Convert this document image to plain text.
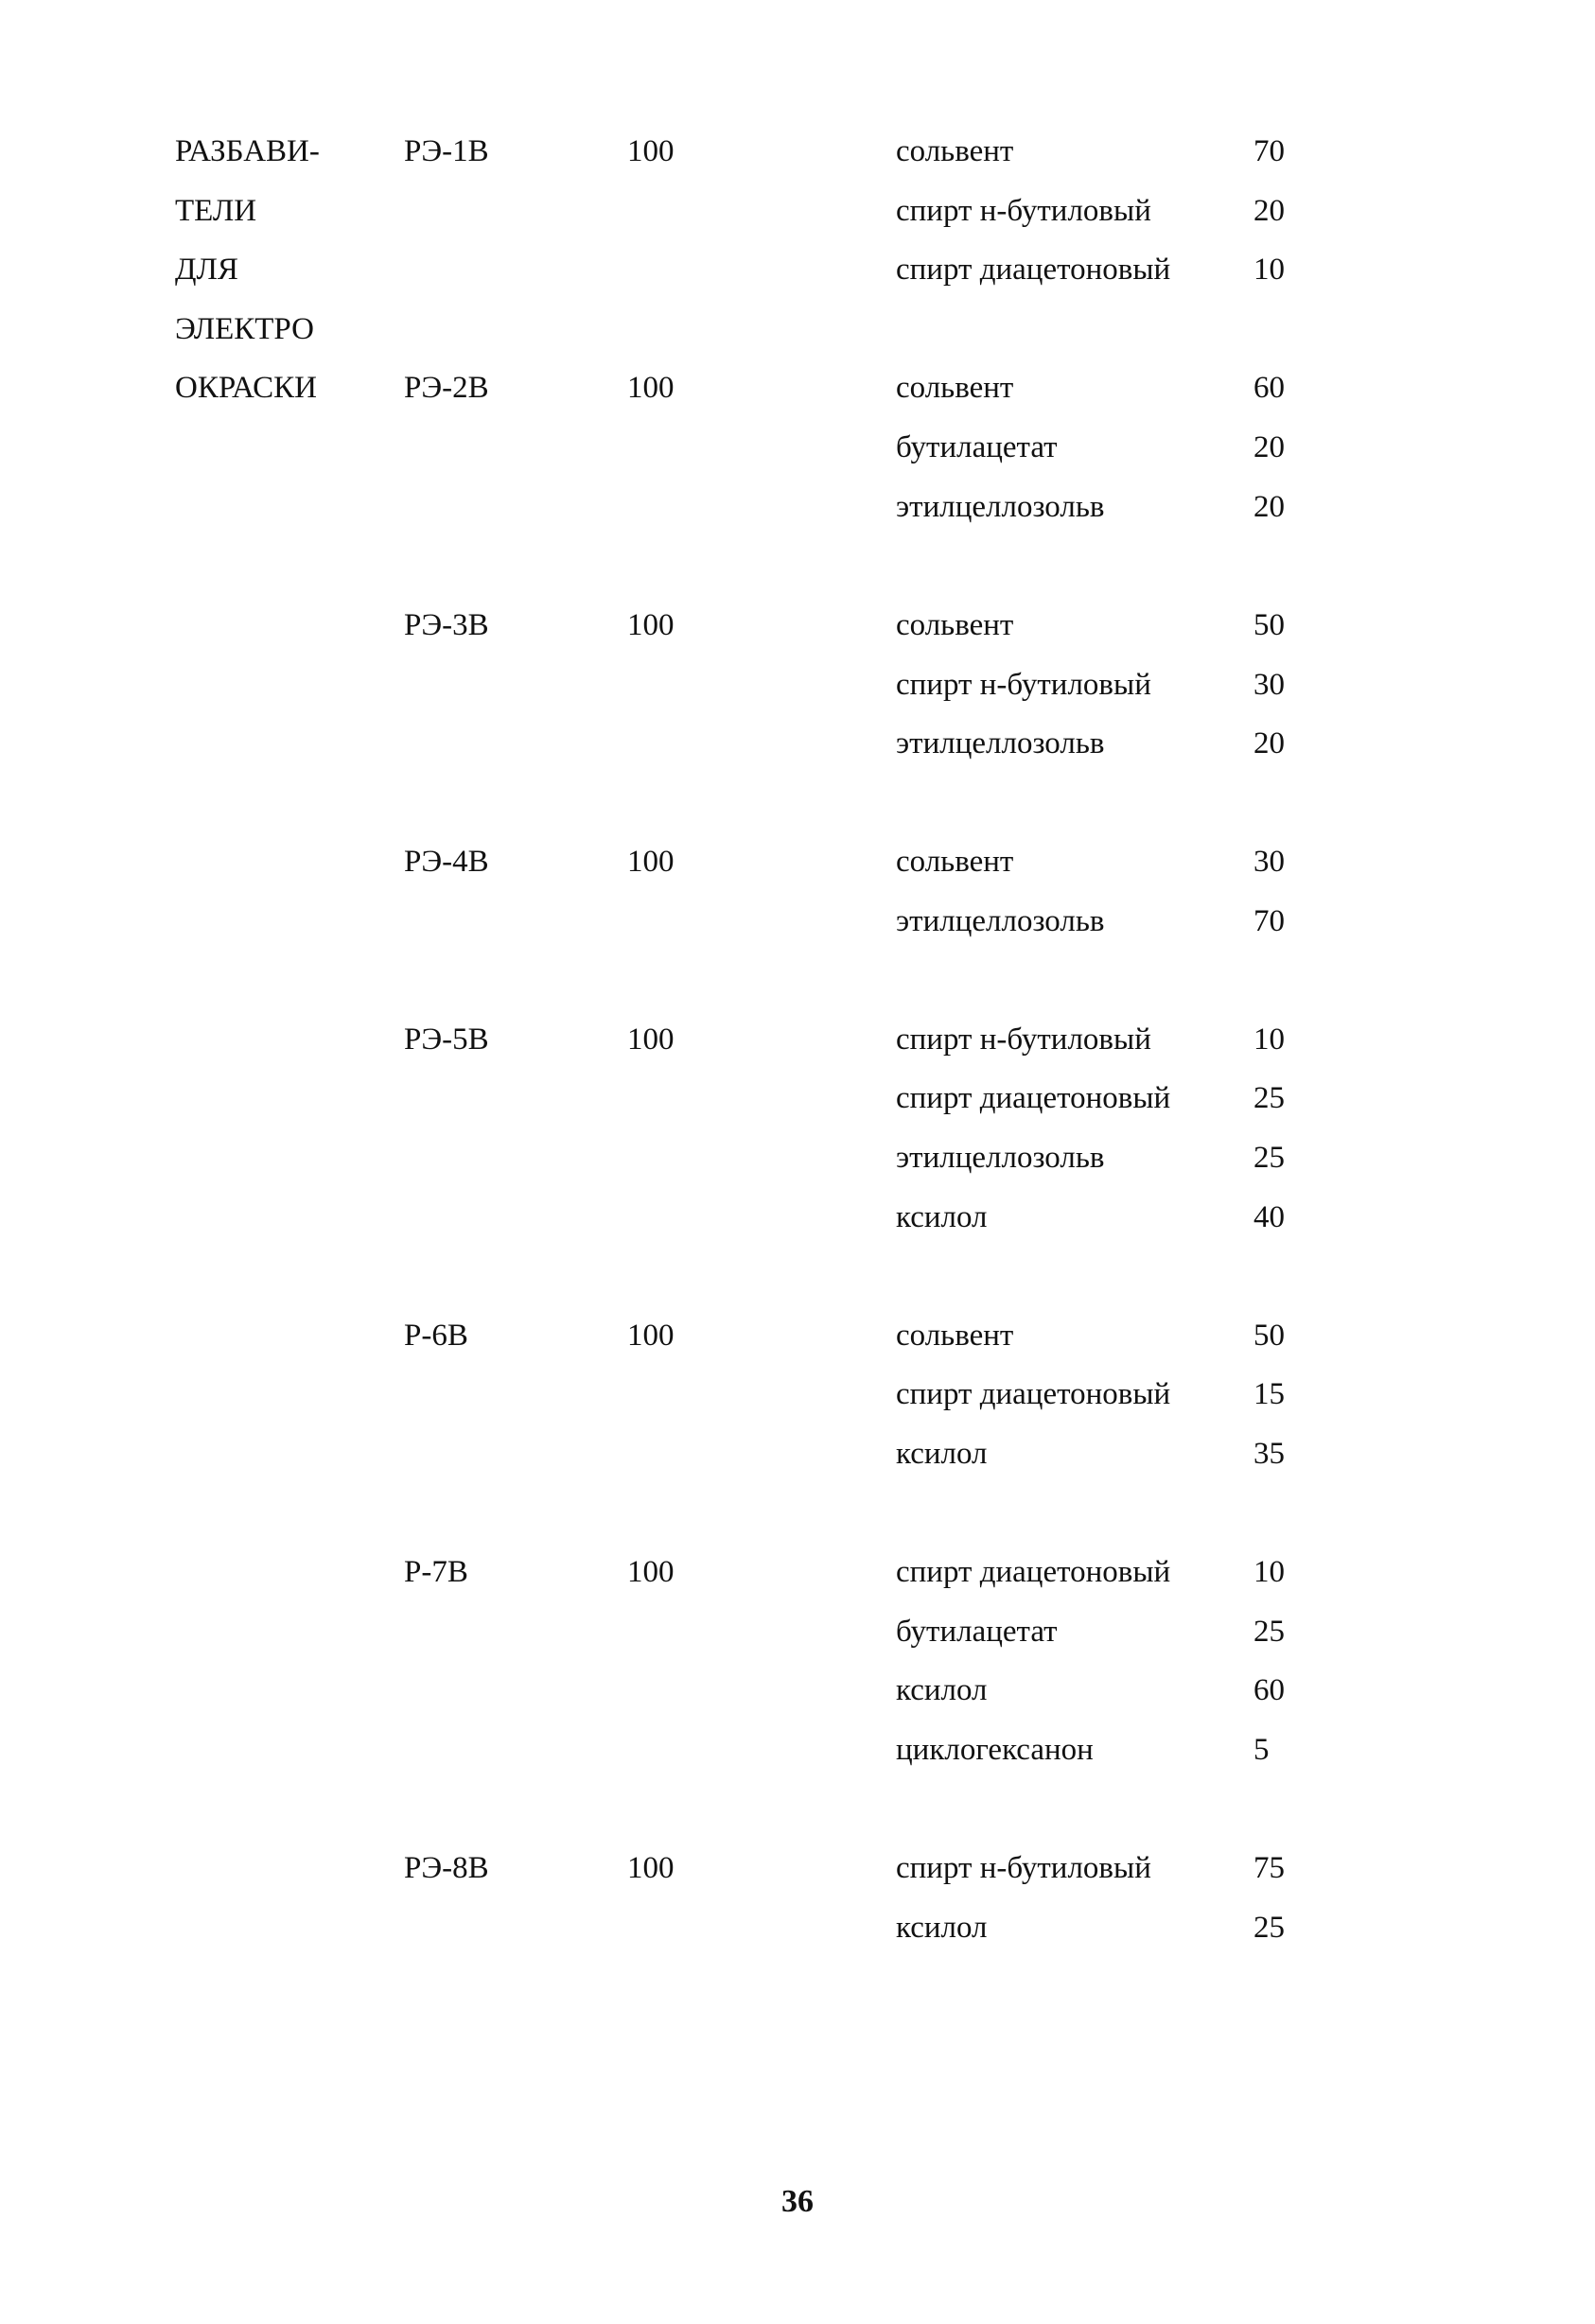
РАЗБАВИ-
ТЕЛИ
ДЛЯ
ЭЛЕКТРО
ОКРАСКИ
РЭ-1В	100	сольвент	70
спирт н-бутиловый	20
спирт диацетоновый	10
РЭ-2В	100	сольвент	60
бутилацетат	20
этилцеллозольв	20
РЭ-3В	100	сольвент	50
спирт н-бутиловый	30
этилцеллозольв	20
РЭ-4В	100	сольвент	30
этилцеллозольв	70
РЭ-5В	100	спирт н-бутиловый	10
спирт диацетоновый	25
этилцеллозольв	25
ксилол	40
Р-6В	100	сольвент	50
спирт диацетоновый	15
ксилол	35
Р-7В	100	спирт диацетоновый	10
бутилацетат	25
ксилол	60
циклогексанон	5
РЭ-8В	100	спирт н-бутиловый	75
ксилол	25
36
